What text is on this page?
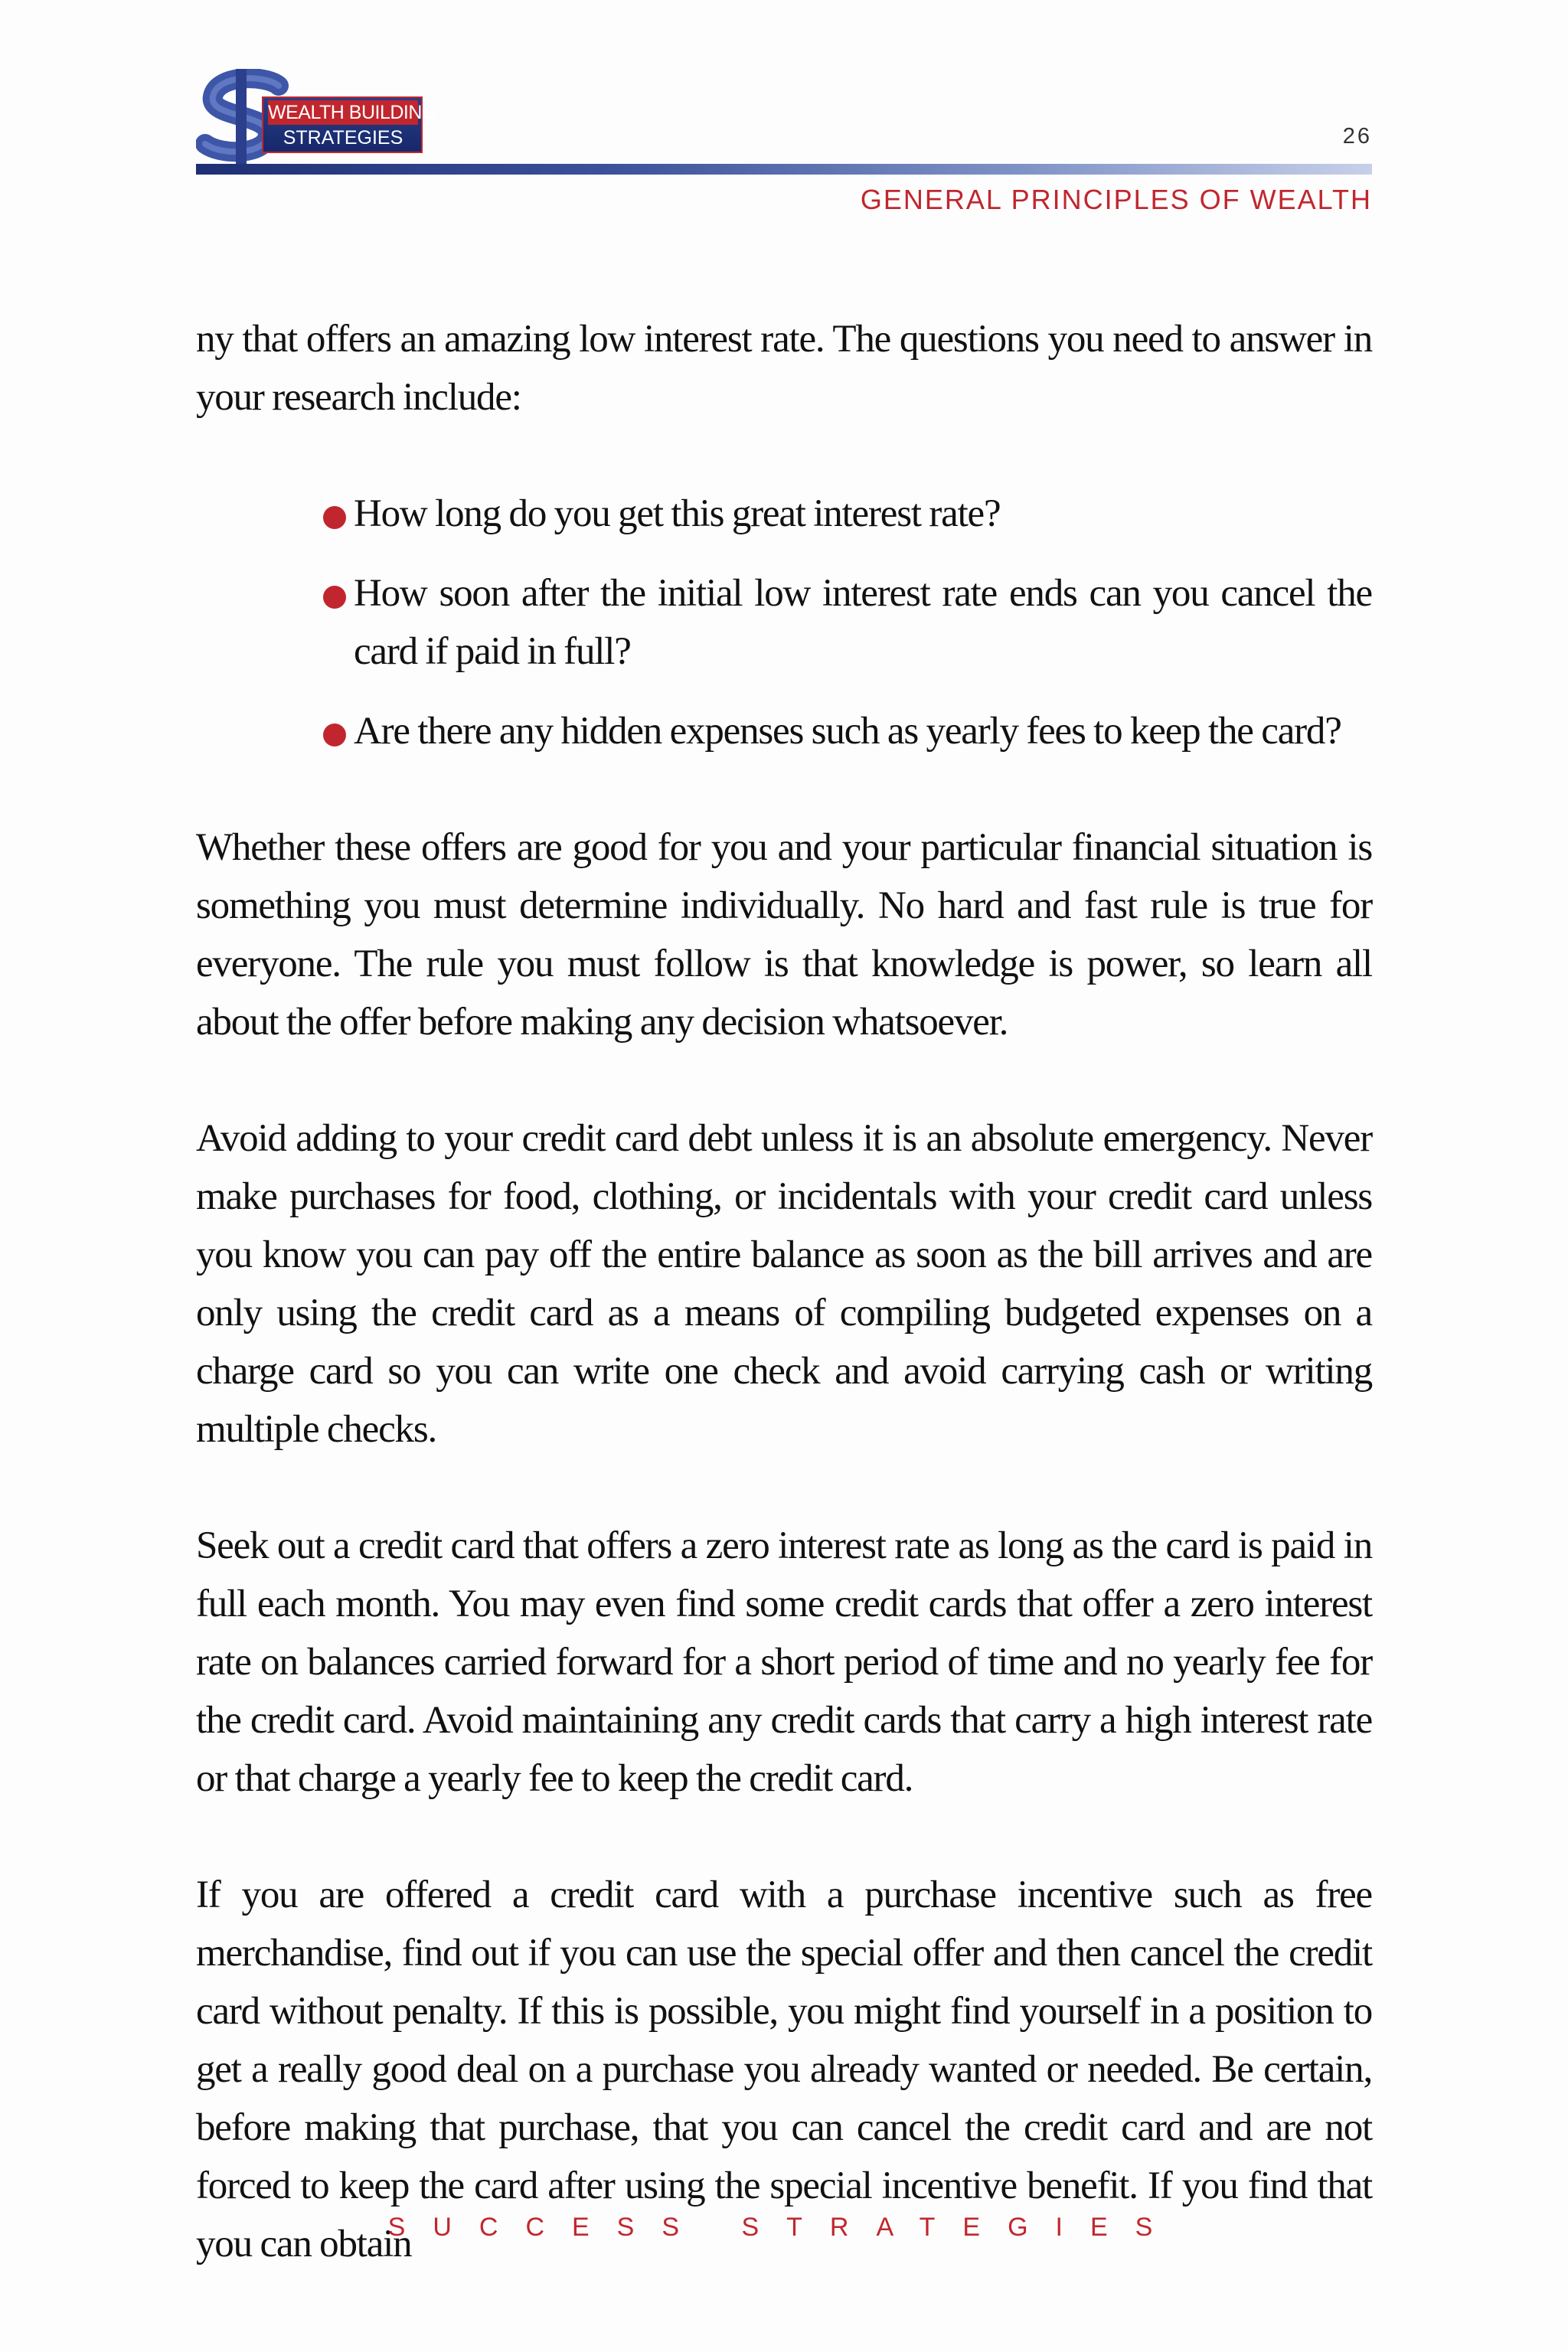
WEALTH BUILDING
STRATEGIES	26
GENERAL PRINCIPLES OF WEALTH

ny that offers an amazing low interest rate. The questions you need to answer in your research include:

How long do you get this great interest rate?
How soon after the initial low interest rate ends can you cancel the card if paid in full?
Are there any hidden expenses such as yearly fees to keep the card?

Whether these offers are good for you and your particular financial situation is something you must determine individually. No hard and fast rule is true for everyone. The rule you must follow is that knowledge is power, so learn all about the offer before making any decision whatsoever.

Avoid adding to your credit card debt unless it is an absolute emergency. Never make purchases for food, clothing, or incidentals with your credit card unless you know you can pay off the entire balance as soon as the bill arrives and are only using the credit card as a means of compiling budgeted expenses on a charge card so you can write one check and avoid carrying cash or writing multiple checks.

Seek out a credit card that offers a zero interest rate as long as the card is paid in full each month. You may even find some credit cards that offer a zero interest rate on balances carried forward for a short period of time and no yearly fee for the credit card. Avoid maintaining any credit cards that carry a high interest rate or that charge a yearly fee to keep the credit card.

If you are offered a credit card with a purchase incentive such as free merchandise, find out if you can use the special offer and then cancel the credit card without penalty. If this is possible, you might find yourself in a position to get a really good deal on a purchase you already wanted or needed. Be certain, before making that purchase, that you can cancel the credit card and are not forced to keep the card after using the special incentive benefit. If you find that you can obtain

SUCCESS STRATEGIES
